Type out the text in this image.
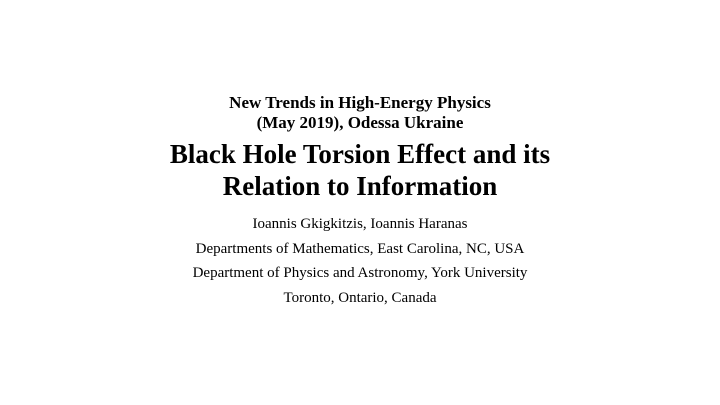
New Trends in High-Energy Physics
(May 2019), Odessa Ukraine
Black Hole Torsion Effect and its
Relation to Information
Ioannis Gkigkitzis, Ioannis Haranas
Departments of Mathematics, East Carolina, NC, USA
Department of Physics and Astronomy, York University
Toronto, Ontario, Canada
